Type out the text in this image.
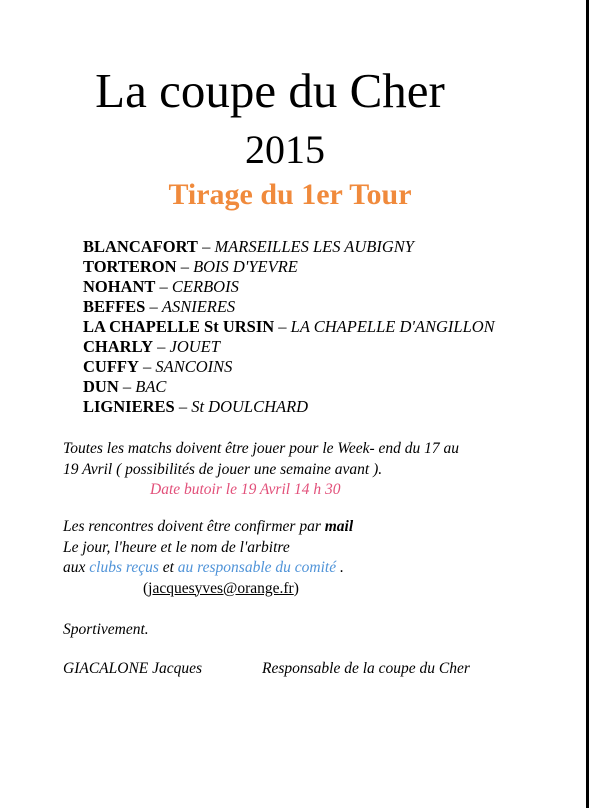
La coupe du Cher
2015
Tirage du 1er Tour
BLANCAFORT – MARSEILLES LES AUBIGNY
TORTERON – BOIS D'YEVRE
NOHANT – CERBOIS
BEFFES – ASNIERES
LA CHAPELLE St URSIN – LA CHAPELLE D'ANGILLON
CHARLY – JOUET
CUFFY – SANCOINS
DUN – BAC
LIGNIERES – St DOULCHARD
Toutes les matchs doivent être jouer pour le Week- end du 17 au
19 Avril ( possibilités de jouer une semaine avant ).
Date butoir le 19 Avril 14 h 30
Les rencontres doivent être confirmer par mail
Le jour, l'heure et le nom de l'arbitre
aux clubs reçus et au responsable du comité .
(jacquesyves@orange.fr)
Sportivement.
GIACALONE Jacques	Responsable de la coupe du Cher
